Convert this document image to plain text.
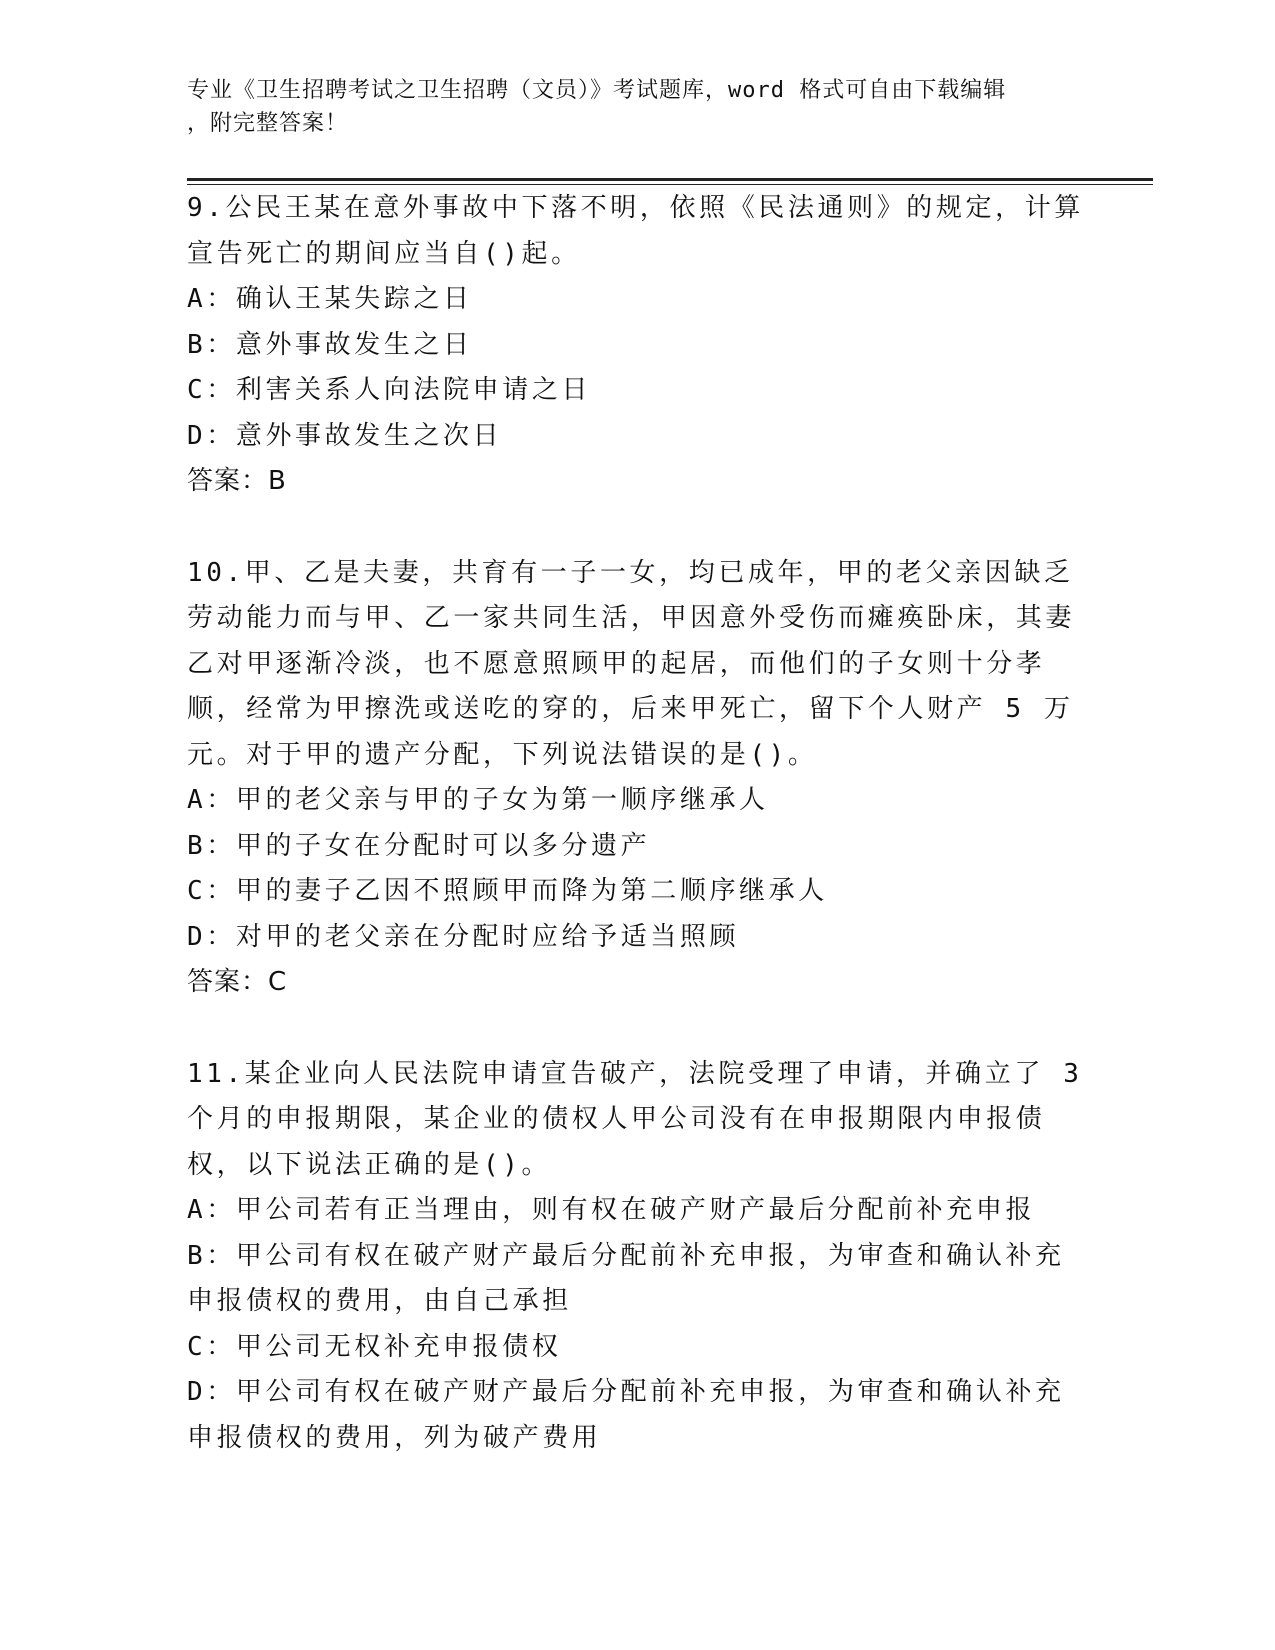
专业《卫生招聘考试之卫生招聘（文员）》考试题库，word 格式可自由下载编辑
，附完整答案！

9.公民王某在意外事故中下落不明，依照《民法通则》的规定，计算宣告死亡的期间应当自()起。

A：确认王某失踪之日
B：意外事故发生之日
C：利害关系人向法院申请之日
D：意外事故发生之次日
答案：B

10.甲、乙是夫妻，共育有一子一女，均已成年，甲的老父亲因缺乏劳动能力而与甲、乙一家共同生活，甲因意外受伤而瘫痪卧床，其妻乙对甲逐渐冷淡，也不愿意照顾甲的起居，而他们的子女则十分孝顺，经常为甲擦洗或送吃的穿的，后来甲死亡，留下个人财产 5 万元。对于甲的遗产分配，下列说法错误的是()。

A：甲的老父亲与甲的子女为第一顺序继承人
B：甲的子女在分配时可以多分遗产
C：甲的妻子乙因不照顾甲而降为第二顺序继承人
D：对甲的老父亲在分配时应给予适当照顾
答案：C

11.某企业向人民法院申请宣告破产，法院受理了申请，并确立了 3 个月的申报期限，某企业的债权人甲公司没有在申报期限内申报债权，以下说法正确的是()。

A：甲公司若有正当理由，则有权在破产财产最后分配前补充申报
B：甲公司有权在破产财产最后分配前补充申报，为审查和确认补充申报债权的费用，由自己承担
C：甲公司无权补充申报债权
D：甲公司有权在破产财产最后分配前补充申报，为审查和确认补充申报债权的费用，列为破产费用
